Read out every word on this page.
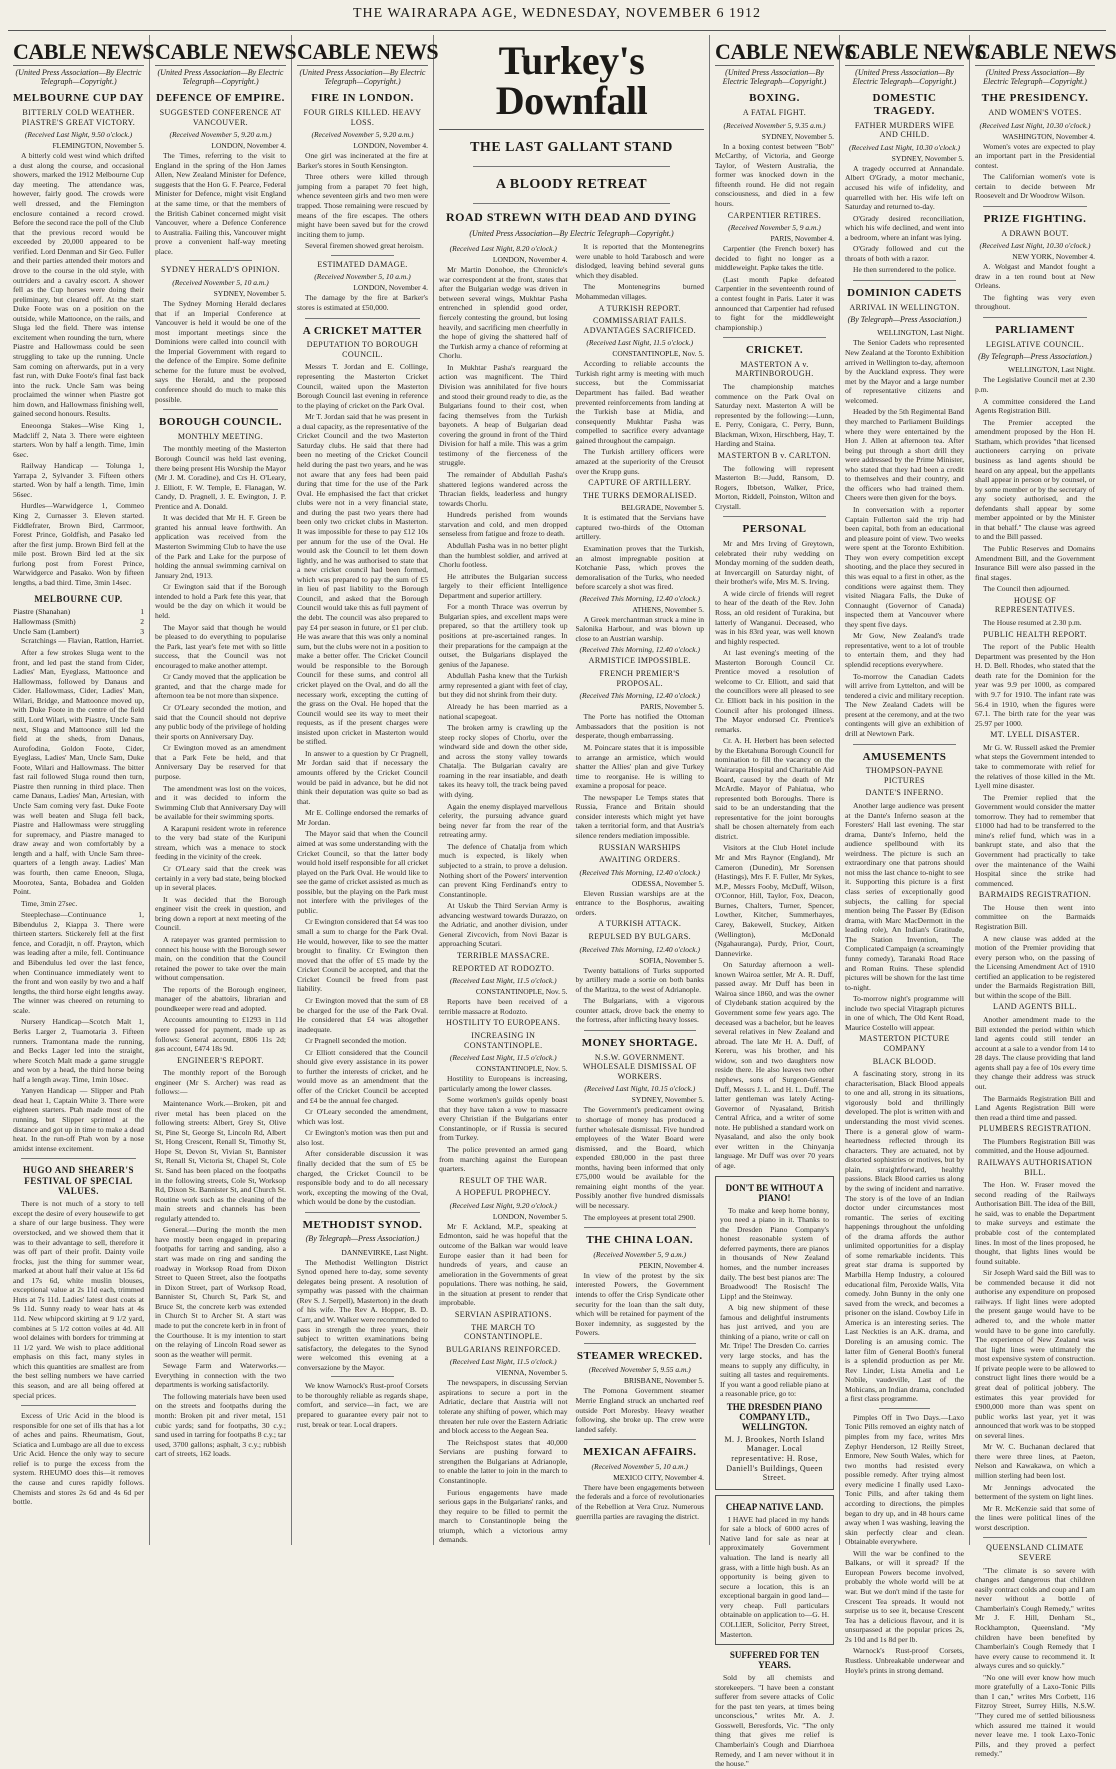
THE WAIRARAPA AGE, WEDNESDAY, NOVEMBER 6 1912
CABLE NEWS
(United Press Association—By Electric Telegraph—Copyright.)
MELBOURNE CUP DAY
BITTERLY COLD WEATHER. PIASTRE'S GREAT VICTORY.
(Received Last Night, 9.50 o'clock.)
FLEMINGTON, November 5.

A bitterly cold west wind which drifted a dust along the course, and occasional showers, marked the 1912 Melbourne Cup day meeting. The attendance was, however, fairly good. The crowds were well dressed, and the Flemington enclosure contained a record crowd. Before the second race the poll of the Club that the previous record would be exceeded by 20,000 appeared to be verified. Lord Denman and Sir Geo. Fuller and their parties attended their motors and drove to the course in the old style, with outriders and a cavalry escort. A shower fell as the Cup horses were doing their preliminary, but cleared off. At the start Duke Foote was on a position on the outside, while Mattoonce, on the rails, and Sluga led the field. There was intense excitement when rounding the turn, where Piastre and Hallowmass could be seen struggling to take up the running. Uncle Sam coming on afterwards, put in a very fast run, with Duke Foote's final fast back into the ruck. Uncle Sam was being proclaimed the winner when Piastre got him down, and Hallowmass finishing well, gained second honours. Results.

Eneoonga Stakes—Wise King 1, Madcliff 2, Nata 3. There were eighteen starters. Won by half a length. Time, 1min 6sec.

Railway Handicap — Tolunga 1, Yarrapa 2, Sylvander 3. Fifteen others started. Won by half a length. Time, 1min 56sec.

Hurdles—Warwidgerce 1, Commeo King 2, Curnasser 3. Eleven started. Fiddlefrater, Brown Bird, Carrmoor, Forest Prince, Goldfish, and Pasako led after the first jump. Brown Bird fell at the mile post. Brown Bird led at the six furlong post from Forest Prince, Warwidgerce and Pasako. Won by fifteen lengths, a bad third. Time, 3min 14sec.

MELBOURNE CUP.
Piastre (Shanahan)	1
Hallowmass (Smith)	2
Uncle Sam (Lambert)	3

Scratchings — Flavian, Rattlon, Harriet.

After a few strokes Sluga went to the front, and led past the stand from Cider, Ladies' Man, Eyeglass, Mattoonce and Hallowmass, followed by Danaus and Cider. Hallowmass, Cider, Ladies' Man, Wilari, Bridge, and Mattoonce moved up, with Duke Foote in the centre of the field still, Lord Wilari, with Piastre, Uncle Sam next, Sluga and Mattoonce still led the field at the sheds, from Danaus, Aurofodina, Goldon Foote, Cider, Eyeglass, Ladies' Man, Uncle Sam, Duke Foote, Wilari and Hallowmass. The bitter fast rail followed Sluga round then turn, Piastre then running in third place. Then came Danaus, Ladies' Man, Artesian, with Uncle Sam coming very fast. Duke Foote was well beaten and Sluga fell back, Piastre and Hallowmass were struggling for supremacy, and Piastre managed to draw away and won comfortably by a length and a half, with Uncle Sam three-quarters of a length away. Ladies' Man was fourth, then came Eneoon, Sluga, Moorotea, Santa, Bobadea and Golden Point.

Time, 3min 27sec.

Steeplechase—Continuance 1, Bibendulus 2, Kiappa 3. There were thirteen starters. Stickerely fell at the first fence, and Coradjit, n off. Prayton, which was leading after a mile, fell. Continuance and Bibendulus led over the last fence, when Continuance immediately went to the front and won easily by two and a half lengths, the third horse eight lengths away. The winner was cheered on returning to scale.

Nursery Handicap—Scotch Malt 1, Berks Larger 2, Tuamotaria 3. Fifteen runners. Tramontana made the running, and Becks Lager led into the straight, where Scotch Malt made a game struggle and won by a head, the third horse being half a length away. Time, 1min 10sec.

Yanyen Handicap — Slipper and Ptah dead heat 1, Captain White 3. There were eighteen starters. Ptah made most of the running, but Slipper sprinted at the distance and got up in time to make a dead heat. In the run-off Ptah won by a nose amidst intense excitement.

HUGO AND SHEARER'S FESTIVAL OF SPECIAL VALUES.

There is not much of a story to tell except the desire of every housewife to get a share of our large business. They were overstocked, and we showed them that it was to their advantage to sell, therefore it was off part of their profit. Dainty voile frocks, just the thing for summer wear, marked at about half their value at 15s 6d and 17s 6d, white muslin blouses, exceptional value at 2s 11d each, trimmed Huts at 7s 11d. Ladies' latest dust coats at 9s 11d. Sunny ready to wear hats at 4s 11d. New whipcord skirting at 9 1/2 yard, combines at 5 1/2 cotton voiles at 4d. All wool delaines with borders for trimming at 11 1/2 yard. We wish to place additional emphasis on this fact, many styles in which this quantities are smallest are from the best selling numbers we have carried this season, and are all being offered at special prices.

Excess of Uric Acid in the blood is responsible for one set of ills that has a lot of aches and pains. Rheumatism, Gout, Sciatica and Lumbago are all due to excess Uric Acid. Hence the only way to secure relief is to purge the excess from the system. RHEUMO does this—it removes the cause and cures rapidly follows. Chemists and stores 2s 6d and 4s 6d per bottle.

CABLE NEWS
(United Press Association—By Electric Telegraph—Copyright.)
DEFENCE OF EMPIRE.
SUGGESTED CONFERENCE AT VANCOUVER.
(Received November 5, 9.20 a.m.)
LONDON, November 4.

The Times, referring to the visit to England in the spring of the Hon James Allen, New Zealand Minister for Defence, suggests that the Hon G. F. Pearce, Federal Minister for Defence, might visit England at the same time, or that the members of the British Cabinet concerned might visit Vancouver, where a Defence Conference to Australia. Failing this, Vancouver might prove a convenient half-way meeting place.

SYDNEY HERALD'S OPINION.
(Received November 5, 10 a.m.)
SYDNEY, November 5.

The Sydney Morning Herald declares that if an Imperial Conference at Vancouver is held it would be one of the most important meetings since the Dominions were called into council with the Imperial Government with regard to the defence of the Empire. Some definite scheme for the future must be evolved, says the Herald, and the proposed conference should do much to make this possible.

BOROUGH COUNCIL.
MONTHLY MEETING.

The monthly meeting of the Masterton Borough Council was held last evening, there being present His Worship the Mayor (Mr J. M. Coradine), and Crs H. O'Leary, J. Elliott, F. W. Temple, E. Flanagan, W. Candy, D. Pragnell, J. E. Ewington, J. P. Prentice and A. Donald.

It was decided that Mr H. F. Green be granted his annual leave forthwith. An application was received from the Masterton Swimming Club to have the use of the Park and Lake for the purpose of holding the annual swimming carnival on January 2nd, 1913.

Cr Ewington said that if the Borough intended to hold a Park fete this year, that would be the day on which it would be held.

The Mayor said that though he would be pleased to do everything to popularise the Park, last year's fete met with so little success, that the Council was not encouraged to make another attempt.

Cr Candy moved that the application be granted, and that the charge made for afternoon tea be not more than sixpence.

Cr O'Leary seconded the motion, and said that the Council should not deprive any public body of the privilege of holding their sports on Anniversary Day.

Cr Ewington moved as an amendment that a Park Fete be held, and that Anniversary Day be reserved for that purpose.

The amendment was lost on the voices, and it was decided to inform the Swimming Club that Anniversary Day will be available for their swimming sports.

A Karapuni resident wrote in reference to the very bad state of the Kuripuni stream, which was a menace to stock feeding in the vicinity of the creek.

Cr O'Leary said that the creek was certainly in a very bad state, being blocked up in several places.

It was decided that the Borough engineer visit the creek in question, and bring down a report at next meeting of the Council.

A ratepayer was granted permission to connect his house with the Borough sewer main, on the condition that the Council retained the power to take over the main without compensation.

The reports of the Borough engineer, manager of the abattoirs, librarian and poundkeeper were read and adopted.

Accounts amounting to £1293 in 11d were passed for payment, made up as follows: General account, £806 11s 2d; gas account, £474 18s 9d.

ENGINEER'S REPORT.

The monthly report of the Borough engineer (Mr S. Archer) was read as follows:—

Maintenance Work.—Broken, pit and river metal has been placed on the following streets: Albert, Grey St, Olive St, Pine St, George St, Lincoln Rd, Albert St, Hong Crescent, Renall St, Timothy St, Hope St, Devon St, Vivian St, Bannister St, Renall St, Victoria St, Chapel St, Cole St. Sand has been placed on the footpaths in the following streets, Cole St, Worksop Rd, Dixon St. Bannister St, and Church St. Routine work such as the cleaning of the main streets and channels has been regularly attended to.

General.—During the month the men have mostly been engaged in preparing footpaths for tarring and sanding, also a start was made on ring and sanding the roadway in Worksop Road from Dixon Street to Queen Street, also the footpaths in Dixon Street, part of Worksop Road, Bannister St, Church St, Park St, and Bruce St, the concrete kerb was extended in Church St to Archer St. A start was made to put the concrete kerb in in front of the Courthouse. It is my intention to start on the relaying of Lincoln Road sewer as soon as the weather will permit.

Sewage Farm and Waterworks.—Everything in connection with the two departments is working satisfactorily.

The following materials have been used on the streets and footpaths during the month: Broken pit and river metal, 151 cubic yards; sand for footpaths, 30 c.y.; sand used in tarring for footpaths 8 c.y.; tar used, 3700 gallons; asphalt, 3 c.y.; rubbish cart of streets, 162 loads.

CABLE NEWS
(United Press Association—By Electric Telegraph—Copyright.)
FIRE IN LONDON.
FOUR GIRLS KILLED. HEAVY LOSS.
(Received November 5, 9.20 a.m.)
LONDON, November 4.

One girl was incinerated at the fire at Barker's stores in South Kensington.

Three others were killed through jumping from a parapet 70 feet high, whence seventeen girls and two men were trapped. Those remaining were rescued by means of the fire escapes. The others might have been saved but for the crowd inciting them to jump.

Several firemen showed great heroism.

ESTIMATED DAMAGE.
(Received November 5, 10 a.m.)
LONDON, November 4.

The damage by the fire at Barker's stores is estimated at £50,000.

A CRICKET MATTER
DEPUTATION TO BOROUGH COUNCIL.

Messrs T. Jordan and E. Collinge, representing the Masterton Cricket Council, waited upon the Masterton Borough Council last evening in reference to the playing of cricket on the Park Oval.

Mr T. Jordan said that he was present in a dual capacity, as the representative of the Cricket Council and the two Masterton Saturday clubs. He said that there had been no meeting of the Cricket Council held during the past two years, and he was not aware that any fees had been paid during that time for the use of the Park Oval. He emphasised the fact that cricket clubs were not in a very financial state, and during the past two years there had been only two cricket clubs in Masterton. It was impossible for these to pay £12 10s per annum for the use of the Oval. He would ask the Council to let them down lightly, and he was authorised to state that a new cricket council had been formed, which was prepared to pay the sum of £5 in lieu of past liability to the Borough Council, and asked that the Borough Council would take this as full payment of the debt. The council was also prepared to pay £4 per season in future, or £1 per club. He was aware that this was only a nominal sum, but the clubs were not in a position to make a better offer. The Cricket Council would be responsible to the Borough Council for these sums, and control all cricket played on the Oval, and do all the necessary work, excepting the cutting of the grass on the Oval. He hoped that the Council would see its way to meet their requests, as if the present charges were insisted upon cricket in Masterton would be stifled.

In answer to a question by Cr Pragnell, Mr Jordan said that if necessary the amounts offered by the Cricket Council would be paid in advance, but he did not think their deputation was quite so bad as that.

Mr E. Collinge endorsed the remarks of Mr Jordan.

The Mayor said that when the Council aimed at was some understanding with the Cricket Council, so that the latter body would hold itself responsible for all cricket played on the Park Oval. He would like to see the game of cricket assisted as much as possible, but the playing on the Park must not interfere with the privileges of the public.

Cr Ewington considered that £4 was too small a sum to charge for the Park Oval. He would, however, like to see the matter brought to finality. Cr Ewington then moved that the offer of £5 made by the Cricket Council be accepted, and that the Cricket Council be freed from past liability.

Cr Ewington moved that the sum of £8 be charged for the use of the Park Oval. He considered that £4 was altogether inadequate.

Cr Pragnell seconded the motion.

Cr Elliott considered that the Council should give every assistance in its power to further the interests of cricket, and he would move as an amendment that the offer of the Cricket Council be accepted and £4 be the annual fee charged.

Cr O'Leary seconded the amendment, which was lost.

Cr Ewington's motion was then put and also lost.

After considerable discussion it was finally decided that the sum of £5 be charged, the Cricket Council to be responsible body and to do all necessary work, excepting the mowing of the Oval, which would be done by the custodian.

METHODIST SYNOD.
(By Telegraph—Press Association.)
DANNEVIRKE, Last Night.

The Methodist Wellington District Synod opened here to-day, some seventy delegates being present. A resolution of sympathy was passed with the chairman (Rev S. J. Serpell), Masterton) in the death of his wife. The Rev A. Hopper, B. D. Carr, and W. Walker were recommended to pass in strength the three years, their subject to written examinations being satisfactory, the delegates to the Synod were welcomed this evening at a conversazione by the Mayor.

We know Warnock's Rust-proof Corsets to be thoroughly reliable as regards shape, comfort, and service—in fact, we are prepared to guarantee every pair not to rust, break or tear. Local drapers.

Turkey's Downfall
THE LAST GALLANT STAND
A BLOODY RETREAT
ROAD STREWN WITH DEAD AND DYING
(United Press Association—By Electric Telegraph—Copyright.)
(Received Last Night, 8.20 o'clock.)
LONDON, November 4.

Mr Martin Donohoe, the Chronicle's war correspondent at the front, states that after the Bulgarian wedge was driven in between several wings, Mukhtar Pasha entrenched in splendid good order, fiercely contesting the ground, but losing heavily, and sacrificing men cheerfully in the hope of giving the shattered half of the Turkish army a chance of reforming at Chorlu.

In Mukhtar Pasha's rearguard the action was magnificent. The Third Division was annihilated for five hours and stood their ground ready to die, as the Bulgarians found to their cost, when facing themselves from the Turkish bayonets. A heap of Bulgarian dead covering the ground in front of the Third Division for half a mile. This was a grim testimony of the fierceness of the struggle.

The remainder of Abdullah Pasha's shattered legions wandered across the Thracian fields, leaderless and hungry towards Chorlu.

Hundreds perished from wounds starvation and cold, and men dropped senseless from fatigue and froze to death.

Abdullah Pasha was in no better plight than the humblest soldier, and arrived at Chorlu footless.

He attributes the Bulgarian success largely to their efficient Intelligence Department and superior artillery.

For a month Thrace was overrun by Bulgarian spies, and excellent maps were prepared, so that the artillery took up positions at pre-ascertained ranges. In their preparations for the campaign at the outset, the Bulgarians displayed the genius of the Japanese.

Abdullah Pasha knew that the Turkish army represented a giant with feet of clay, but they did not shrink from their duty.

Already he has been married as a national scapegoat.

The broken army is crawling up the steep rocky slopes of Chorlu, over the windward side and down the other side, and across the stony valley towards Chatalja. The Bulgarian cavalry are roaming in the rear insatiable, and death takes its heavy toll, the track being paved with dying.

Again the enemy displayed marvellous celerity, the pursuing advance guard being never far from the rear of the retreating army.

The defence of Chatalja from which much is expected, is likely when subjected to a strain, to prove a delusion. Nothing short of the Powers' intervention can prevent King Ferdinand's entry to Constantinople.

At Uskub the Third Servian Army is advancing westward towards Durazzo, on the Adriatic, and another division, under General Zivcovich, from Novi Bazar is approaching Scutari.

TERRIBLE MASSACRE.
REPORTED AT RODOZTO.
(Received Last Night, 11.5 o'clock.)
CONSTANTINOPLE, Nov. 5.

Reports have been received of a terrible massacre at Rodozto.

HOSTILITY TO EUROPEANS.
INCREASING IN CONSTANTINOPLE.
(Received Last Night, 11.5 o'clock.)
CONSTANTINOPLE, Nov. 5.

Hostility to Europeans is increasing, particularly among the lower classes.

Some workmen's guilds openly boast that they have taken a vow to massacre every Christian if the Bulgarians enter Constantinople, or if Russia is secured from Turkey.

The police prevented an armed gang from marching against the European quarters.

RESULT OF THE WAR.
A HOPEFUL PROPHECY.
(Received Last Night, 9.20 o'clock.)
LONDON, November 5.

Mr F. Ackland, M.P., speaking at Edmonton, said he was hopeful that the outcome of the Balkan war would leave Europe easier than it had been for hundreds of years, and cause an amelioration in the Governments of great populations. There was nothing, he said, in the situation at present to render that improbable.

SERVIAN ASPIRATIONS.
THE MARCH TO CONSTANTINOPLE.
BULGARIANS REINFORCED.
(Received Last Night, 11.5 o'clock.)
VIENNA, November 5.

The newspapers, in discussing Servian aspirations to secure a port in the Adriatic, declare that Austria will not tolerate any shifting of power, which may threaten her rule over the Eastern Adriatic and block access to the Aegean Sea.

The Reichspost states that 40,000 Servians are pushing forward to strengthen the Bulgarians at Adrianople, to enable the latter to join in the march to Constantinople.

Furious engagements have made serious gaps in the Bulgarians' ranks, and they require to be filled to permit the march to Constantinople being the triumph, which a victorious army demands.

It is reported that the Montenegrins were unable to hold Tarabosch and were dislodged, leaving behind several guns which they disabled.

The Montenegrins burned Mohammedan villages.

A TURKISH REPORT.
COMMISSARIAT FAILS. ADVANTAGES SACRIFICED.
(Received Last Night, 11.5 o'clock.)
CONSTANTINOPLE, Nov. 5.

According to reliable accounts the Turkish right army is meeting with much success, but the Commissariat Department has failed. Bad weather prevented reinforcements from landing at the Turkish base at Midia, and consequently Mukhtar Pasha was compelled to sacrifice every advantage gained throughout the campaign.

The Turkish artillery officers were amazed at the superiority of the Creusot over the Krupp guns.

CAPTURE OF ARTILLERY.
THE TURKS DEMORALISED.
BELGRADE, November 5.

It is estimated that the Servians have captured two-thirds of the Ottoman artillery.

Examination proves that the Turkish, an almost impregnable position at Kotchanie Pass, which proves the demoralisation of the Turks, who needed before scarcely a shot was fired.

(Received This Morning, 12.40 o'clock.)
ATHENS, November 5.

A Greek merchantman struck a mine in Salonika Harbour, and was blown up close to an Austrian warship.

(Received This Morning, 12.40 o'clock.)
ARMISTICE IMPOSSIBLE.
FRENCH PREMIER'S PROPOSAL.
(Received This Morning, 12.40 o'clock.)
PARIS, November 5.

The Porte has notified the Ottoman Ambassadors that the position is not desperate, though embarrassing.

M. Poincare states that it is impossible to arrange an armistice, which would shatter the Allies' plan and give Turkey time to reorganise. He is willing to examine a proposal for peace.

The newspaper Le Temps states that Russia, France and Britain should consider interests which might yet have taken a territorial form, and that Austria's silence renders mediation impossible.

RUSSIAN WARSHIPS
AWAITING ORDERS.
(Received This Morning, 12.40 o'clock.)
ODESSA, November 5.

Eleven Russian warships are at the entrance to the Bosphorus, awaiting orders.

A TURKISH ATTACK.
REPULSED BY BULGARS.
(Received This Morning, 12.40 o'clock.)
SOFIA, November 5.

Twenty battalions of Turks supported by artillery made a sortie on both banks of the Maritza, to the west of Adrianople.

The Bulgarians, with a vigorous counter attack, drove back the enemy to the fortress, after inflicting heavy losses.

MONEY SHORTAGE.
N.S.W. GOVERNMENT. WHOLESALE DISMISSAL OF WORKERS.
(Received Last Night, 10.15 o'clock.)
SYDNEY, November 5.

The Government's predicament owing to shortage of money has produced a further wholesale dismissal. Five hundred employees of the Water Board were dismissed, and the Board, which expended £80,000 in the past three months, having been informed that only £75,000 would be available for the remaining eight months of the year. Possibly another five hundred dismissals will be necessary.

The employees at present total 2900.

THE CHINA LOAN.
(Received November 5, 9 a.m.)
PEKIN, November 4.

In view of the protest by the six interested Powers, the Government intends to offer the Crisp Syndicate other security for the loan than the salt duty, which will be retained for payment of the Boxer indemnity, as suggested by the Powers.

STEAMER WRECKED.
(Received November 5, 9.55 a.m.)
BRISBANE, November 5.

The Pomona Government steamer Merrie England struck an uncharted reef outside Port Moresby. Heavy weather following, she broke up. The crew were landed safely.

MEXICAN AFFAIRS.
(Received November 5, 10 a.m.)
MEXICO CITY, November 4.

There have been engagements between the federals and a force of revolutionaries of the Rebellion at Vera Cruz. Numerous guerrilla parties are ravaging the district.

CABLE NEWS
(United Press Association—By Electric Telegraph—Copyright.)
BOXING.
A FATAL FIGHT.
(Received November 5, 9.35 a.m.)
SYDNEY, November 5.

In a boxing contest between "Bob" McCarthy, of Victoria, and George Taylor, of Western Australia, the former was knocked down in the fifteenth round. He did not regain consciousness, and died in a few hours.

CARPENTIER RETIRES.
(Received November 5, 9 a.m.)
PARIS, November 4.

Carpentier (the French boxer) has decided to fight no longer as a middleweight. Papke takes the title.

(Last month Papke defeated Carpentier in the seventeenth round of a contest fought in Paris. Later it was announced that Carpentier had refused to fight for the middleweight championship.)

CRICKET.
MASTERTON A v. MARTINBOROUGH.

The championship matches commence on the Park Oval on Saturday next. Masterton A will be represented by the following:—Lunn, E. Perry, Conigara, C. Perry, Bunn, Blackman, Wixon, Hirschberg, Hay, T. Harding and Staina.

MASTERTON B v. CARLTON.

The following will represent Masterton B:—Judd, Ransom, D. Rogers, Ibbetson, Walker, Price, Morton, Riddell, Poinston, Wilton and Crystall.

PERSONAL

Mr and Mrs Irving of Greytown, celebrated their ruby wedding on Monday morning of the sudden death, at Invercargill on Saturday night, of their brother's wife, Mrs M. S. Irving.

A wide circle of friends will regret to hear of the death of the Rev. John Ross, an old resident of Turakina, but latterly of Wanganui. Deceased, who was in his 83rd year, was well known and highly respected.

At last evening's meeting of the Masterton Borough Council Cr. Prentice moved a resolution of welcome to Cr. Elliott, and said that the councillors were all pleased to see Cr. Elliott back in his position in the Council after his prolonged illness. The Mayor endorsed Cr. Prentice's remarks.

Cr. A. H. Herbert has been selected by the Eketahuna Borough Council for nomination to fill the vacancy on the Wairarapa Hospital and Charitable Aid Board, caused by the death of Mr McArdle. Mayor of Pahiatua, who represented both Boroughs. There is said to be an understanding that the representative for the joint boroughs shall be chosen alternately from each district.

Visitors at the Club Hotel include Mr and Mrs Raynor (England), Mr Cameron (Dunedin), Mr Sorensen (Hastings), Mrs F. F. Fuller, Mr Sykes, M.P., Messrs Fooby, McDuff, Wilson, O'Connor, Hill, Taylor, Fox, Deacon, Burnes, Chalters, Turner, Spencer, Lowther, Kitcher, Summerhayes, Carey, Bakewell, Stuckey, Aitken (Wellington), McDonald (Ngahauranga), Purdy, Prior, Court, Dannevirke.

On Saturday afternoon a well-known Wairoa settler, Mr A. R. Duff, passed away. Mr Duff has been in Wairoa since 1860, and was the owner of Clydebank station acquired by the Government some few years ago. The deceased was a bachelor, but he leaves several relatives in New Zealand and abroad. The late Mr H. A. Duff, of Kereru, was his brother, and his widow, son and two daughters now reside there. He also leaves two other nephews, sons of Surgeon-General Duff, Messrs J. L. and H. L. Duff. The latter gentleman was lately Acting-Governor of Nyasaland, British Central Africa, and a writer of some note. He published a standard work on Nyasaland, and also the only book ever written in the Chinyanja language. Mr Duff was over 70 years of age.

DON'T BE WITHOUT A PIANO!

To make and keep home bonny, you need a piano in it. Thanks to the Dresden Piano Company's honest reasonable system of deferred payments, there are pianos in thousands of New Zealand homes, and the number increases daily. The best best pianos are: The Broadwood! The Rosisch! The Lipp! and the Steinway.

A big new shipment of these famous and delightful instruments has just arrived, and you are thinking of a piano, write or call on Mr. Tripe! The Dresden Co. carries very large stocks, and has the means to supply any difficulty, in suiting all tastes and requirements. If you want a good reliable piano at a reasonable price, go to:

THE DRESDEN PIANO COMPANY LTD., WELLINGTON.
M. J. Brookes, North Island Manager. Local representative: H. Rose, Daniell's Buildings, Queen Street.
CHEAP NATIVE LAND.

I HAVE had placed in my hands for sale a block of 6000 acres of Native land for sale as near at approximately Government valuation. The land is nearly all grass, with a little high bush. As an opportunity is being given to secure a location, this is an exceptional bargain in good land—very cheap. Full particulars obtainable on application to—G. H. COLLIER, Solicitor, Perry Street, Masterton.

SUFFERED FOR TEN YEARS.

Sold by all chemists and storekeepers. "I have been a constant sufferer from severe attacks of Colic for the past ten years, at times being unconscious," writes Mr. A. J. Gosswell, Beresfords, Vic. "The only thing that gives me relief is Chamberlain's Cough and Diarrhoea Remedy, and I am never without it in the house."

CABLE NEWS
(United Press Association—By Electric Telegraph—Copyright.)
DOMESTIC TRAGEDY.
FATHER MURDERS WIFE AND CHILD.
(Received Last Night, 10.30 o'clock.)
SYDNEY, November 5.

A tragedy occurred at Annandale. Albert O'Grady, a motor mechanic, accused his wife of infidelity, and quarrelled with her. His wife left on Saturday and returned to-day.

O'Grady desired reconciliation, which his wife declined, and went into a bedroom, where an infant was lying.

O'Grady followed and cut the throats of both with a razor.

He then surrendered to the police.

DOMINION CADETS
ARRIVAL IN WELLINGTON.
(By Telegraph—Press Association.)
WELLINGTON, Last Night.

The Senior Cadets who represented New Zealand at the Toronto Exhibition arrived in Wellington to-day, afternoon by the Auckland express. They were met by the Mayor and a large number of representative citizens and welcomed.

Headed by the 5th Regimental Band they marched to Parliament Buildings where they were entertained by the Hon J. Allen at afternoon tea. After being put through a short drill they were addressed by the Prime Minister, who stated that they had been a credit to themselves and their country, and the officers who had trained them. Cheers were then given for the boys.

In conversation with a reporter Captain Fullerton said the trip had been capital, both from an educational and pleasure point of view. Two weeks were spent at the Toronto Exhibition. They won every competition except shooting, and the place they secured in this was equal to a first in other, as the conditions were against them. They visited Niagara Falls, the Duke of Connaught (Governor of Canada) inspected them at Vancouver where they spent five days.

Mr Gow, New Zealand's trade representative, went to a lot of trouble to entertain them, and they had splendid receptions everywhere.

To-morrow the Canadian Cadets will arrive from Lyttelton, and will be tendered a civic and military reception. The New Zealand Cadets will be present at the ceremony, and at the two contingents will give an exhibition of drill at Newtown Park.

AMUSEMENTS
THOMPSON-PAYNE PICTURES
DANTE'S INFERNO.

Another large audience was present at the Dante's Inferno season at the Foresters' Hall last evening. The star drama, Dante's Inferno, held the audience spellbound with its weirdness. The picture is such an extraordinary one that patrons should not miss the last chance to-night to see it. Supporting this picture is a first class series of exceptionally good subjects, the calling for special mention being The Passer By (Edison drama, with Marc MacDermott in the leading role), An Indian's Gratitude, The Station Invention, The Complicated Campaign (a screamingly funny comedy), Taranaki Road Race and Roman Ruins. These splendid pictures will be shown for the last time to-night.

To-morrow night's programme will include two special Vitagraph pictures in one of which, The Old Kent Road, Maurice Costello will appear.

MASTERTON PICTURE COMPANY
BLACK BLOOD.

A fascinating story, strong in its characterisation, Black Blood appeals to one and all, strong in its situations, vigorously bold and thrillingly developed. The plot is written with and understanding the most vivid scenes. There is a general glow of warm-heartedness reflected through its characters. They are actuated, not by distorted sophistries or motives, but by plain, straightforward, healthy passions. Black Blood carries us along by the swing of incident and narrative. The story is of the love of an Indian doctor under circumstances most romantic. The series of exciting happenings throughout the unfolding of the drama affords the author unlimited opportunities for a display of some remarkable incidents. This great star drama is supported by Marbilla Hemp Industry, a coloured educational film, Peroxide Walls, Vita comedy. John Bunny in the only one saved from the wreck, and becomes a prisoner on the island. Cowboy Life in America is an interesting series. The Last Neckties is an A.K. drama, and Doreling is an amusing comic. The latter film of General Booth's funeral is a splendid production as per Mr. Rev Linder, Lista Amelia and Le Nobile, vaudeville, Last of the Mohicans, an Indian drama, concluded a first class programme.

Pimples Off in Two Days.—Laxo Tonic Pills removed an eighty natch of pimples from my face, writes Mrs Zephyr Henderson, 12 Reilly Street, Enmore, New South Wales, which for two months had resisted every possible remedy. After trying almost every medicine I finally used Laxo-Tonic Pills, and after taking them according to directions, the pimples began to dry up, and in 48 hours came away when I was washing, leaving the skin perfectly clear and clean. Obtainable everywhere.

Will the war be confined to the Balkans, or will it spread? If the European Powers become involved, probably the whole world will be at war. But we don't mind if the taste for Crescent Tea spreads. It would not surprise us to see it, because Crescent Tea has a delicious flavour, and it is unsurpassed at the popular prices 2s, 2s 10d and 1s 8d per lb.

Warnock's Rust-proof Corsets, Rustless. Unbreakable underwear and Hoyle's prints in strong demand.

CABLE NEWS
(United Press Association—By Electric Telegraph—Copyright.)
THE PRESIDENCY.
AND WOMEN'S VOTES.
(Received Last Night, 10.30 o'clock.)
WASHINGTON, November 4.

Women's votes are expected to play an important part in the Presidential contest.

The Californian women's vote is certain to decide between Mr Roosevelt and Dr Woodrow Wilson.

PRIZE FIGHTING.
A DRAWN BOUT.
(Received Last Night, 10.30 o'clock.)
NEW YORK, November 4.

A. Wolgast and Mandot fought a draw in a ten round bout at New Orleans.

The fighting was very even throughout.

PARLIAMENT
LEGISLATIVE COUNCIL.
(By Telegraph—Press Association.)
WELLINGTON, Last Night.

The Legislative Council met at 2.30 p.m.

A committee considered the Land Agents Registration Bill.

The Premier accepted the amendment proposed by the Hon H. Statham, which provides "that licensed auctioneers carrying on private business as land agents should be heard on any appeal, but the appellants shall appear in person or by counsel, or by some member or by the secretary of any society authorised, and the defendants shall appear by some member appointed or by the Minister in that behalf." The clause was agreed to and the Bill passed.

The Public Reserves and Domains Amendment Bill, and the Government Insurance Bill were also passed in the final stages.

The Council then adjourned.

HOUSE OF REPRESENTATIVES.

The House resumed at 2.30 p.m.

PUBLIC HEALTH REPORT.

The report of the Public Health Department was presented by the Hon H. D. Bell. Rhodes, who stated that the death rate for the Dominion for the year was 9.9 per 1000, as compared with 9.7 for 1910. The infant rate was 56.4 in 1910, when the figures were 67.1. The birth rate for the year was 25.97 per 1000.

MT. LYELL DISASTER.

Mr G. W. Russell asked the Premier what steps the Government intended to take to commemorate with relief for the relatives of those killed in the Mt. Lyell mine disaster.

The Premier replied that the Government would consider the matter tomorrow. They had to remember that £1000 had had to be transferred to the mine's relief fund, which was in a bankrupt state, and also that the Government had practically to take over the maintenance of the Waihi Hospital since the strike had commenced.

BARMAIDS REGISTRATION.

The House then went into committee on the Barmaids Registration Bill.

A new clause was added at the motion of the Premier providing that every person who, on the passing of the Licensing Amendment Act of 1910 certified an application to be registered under the Barmaids Registration Bill, but within the scope of the Bill.

LAND AGENTS BILL.

Another amendment made to the Bill extended the period within which land agents could still tender an account at a sale to a vendor from 14 to 28 days. The clause providing that land agents shall pay a fee of 10s every time they change their address was struck out.

The Barmaids Registration Bill and Land Agents Registration Bill were then read a third time and passed.

PLUMBERS REGISTRATION.

The Plumbers Registration Bill was committed, and the House adjourned.

RAILWAYS AUTHORISATION BILL.

The Hon. W. Fraser moved the second reading of the Railways Authorisation Bill. The idea of the Bill, he said, was to enable the Department to make surveys and estimate the probable cost of the contemplated lines. In most of the lines proposed, he thought, that lights lines would be found suitable.

Sir Joseph Ward said the Bill was to be commended because it did not authorise any expenditure on proposed railways. If light lines were adopted the present gauge would have to be adhered to, and the whole matter would have to be gone into carefully. The experience of New Zealand was that light lines were ultimately the most expensive system of construction. If private people were to be allowed to construct light lines there would be a great deal of political jobbery. The estimates this year provided for £900,000 more than was spent on public works last year, yet it was announced that work was to be stopped on several lines.

Mr W. C. Buchanan declared that there were three lines, at Paeton, Nelson and Kawakawa, on which a million sterling had been lost.

Mr Jennings advocated the betterment of the system on light lines.

Mr R. McKenzie said that some of the lines were political lines of the worst description.

QUEENSLAND CLIMATE SEVERE

"The climate is so severe with changes and dangerous that children easily contract colds and coup and I am never without a bottle of Chamberlain's Cough Remedy," writes Mr J. F. Hill, Denham St., Rockhampton, Queensland. "My children have been benefited by Chamberlain's Cough Remedy that I have every cause to recommend it. It always cures and so quickly."

"No one will ever know how much more gratefully of a Laxo-Tonic Pills than I can," writes Mrs Corbett, 116 Fitzroy Street, Surrey Hills, N.S.W. "They cured me of settled biliousness which assured me ttained it would never leave me. I took Laxo-Tonic Pills, and they proved a perfect remedy."
